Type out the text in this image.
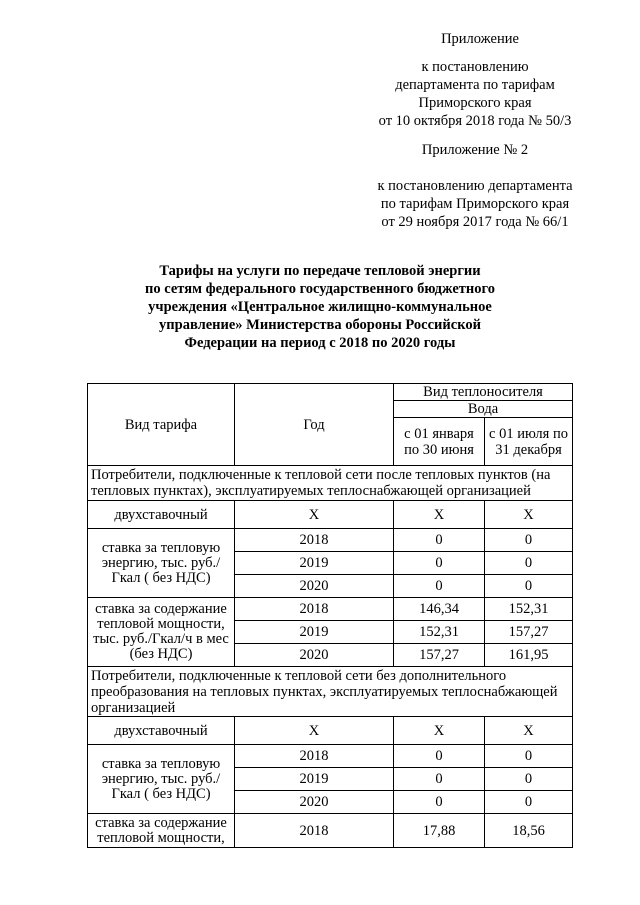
Приложение
к постановлению
департамента по тарифам
Приморского края
от 10 октября 2018 года № 50/3
Приложение № 2
к постановлению департамента
по тарифам Приморского края
от 29 ноября 2017 года № 66/1
Тарифы на услуги по передаче тепловой энергии
по сетям федерального государственного бюджетного
учреждения «Центральное жилищно-коммунальное
управление» Министерства обороны Российской
Федерации на период с 2018 по 2020 годы
Вид тарифа	Год	Вид теплоносителя	
		Вода	
		с 01 января по 30 июня	с 01 июля по 31 декабря
Потребители, подключенные к тепловой сети после тепловых пунктов (на тепловых пунктах), эксплуатируемых теплоснабжающей организацией			
двухставочный	Х	Х	Х
ставка за тепловую энергию, тыс. руб./Гкал ( без НДС)	2018	0	0
	2019	0	0
	2020	0	0
ставка за содержание тепловой мощности, тыс. руб./Гкал/ч в мес (без НДС)	2018	146,34	152,31
	2019	152,31	157,27
	2020	157,27	161,95
Потребители, подключенные к тепловой сети без дополнительного преобразования на тепловых пунктах, эксплуатируемых теплоснабжающей организацией			
двухставочный	Х	Х	Х
ставка за тепловую энергию, тыс. руб./Гкал ( без НДС)	2018	0	0
	2019	0	0
	2020	0	0
ставка за содержание тепловой мощности,	2018	17,88	18,56
